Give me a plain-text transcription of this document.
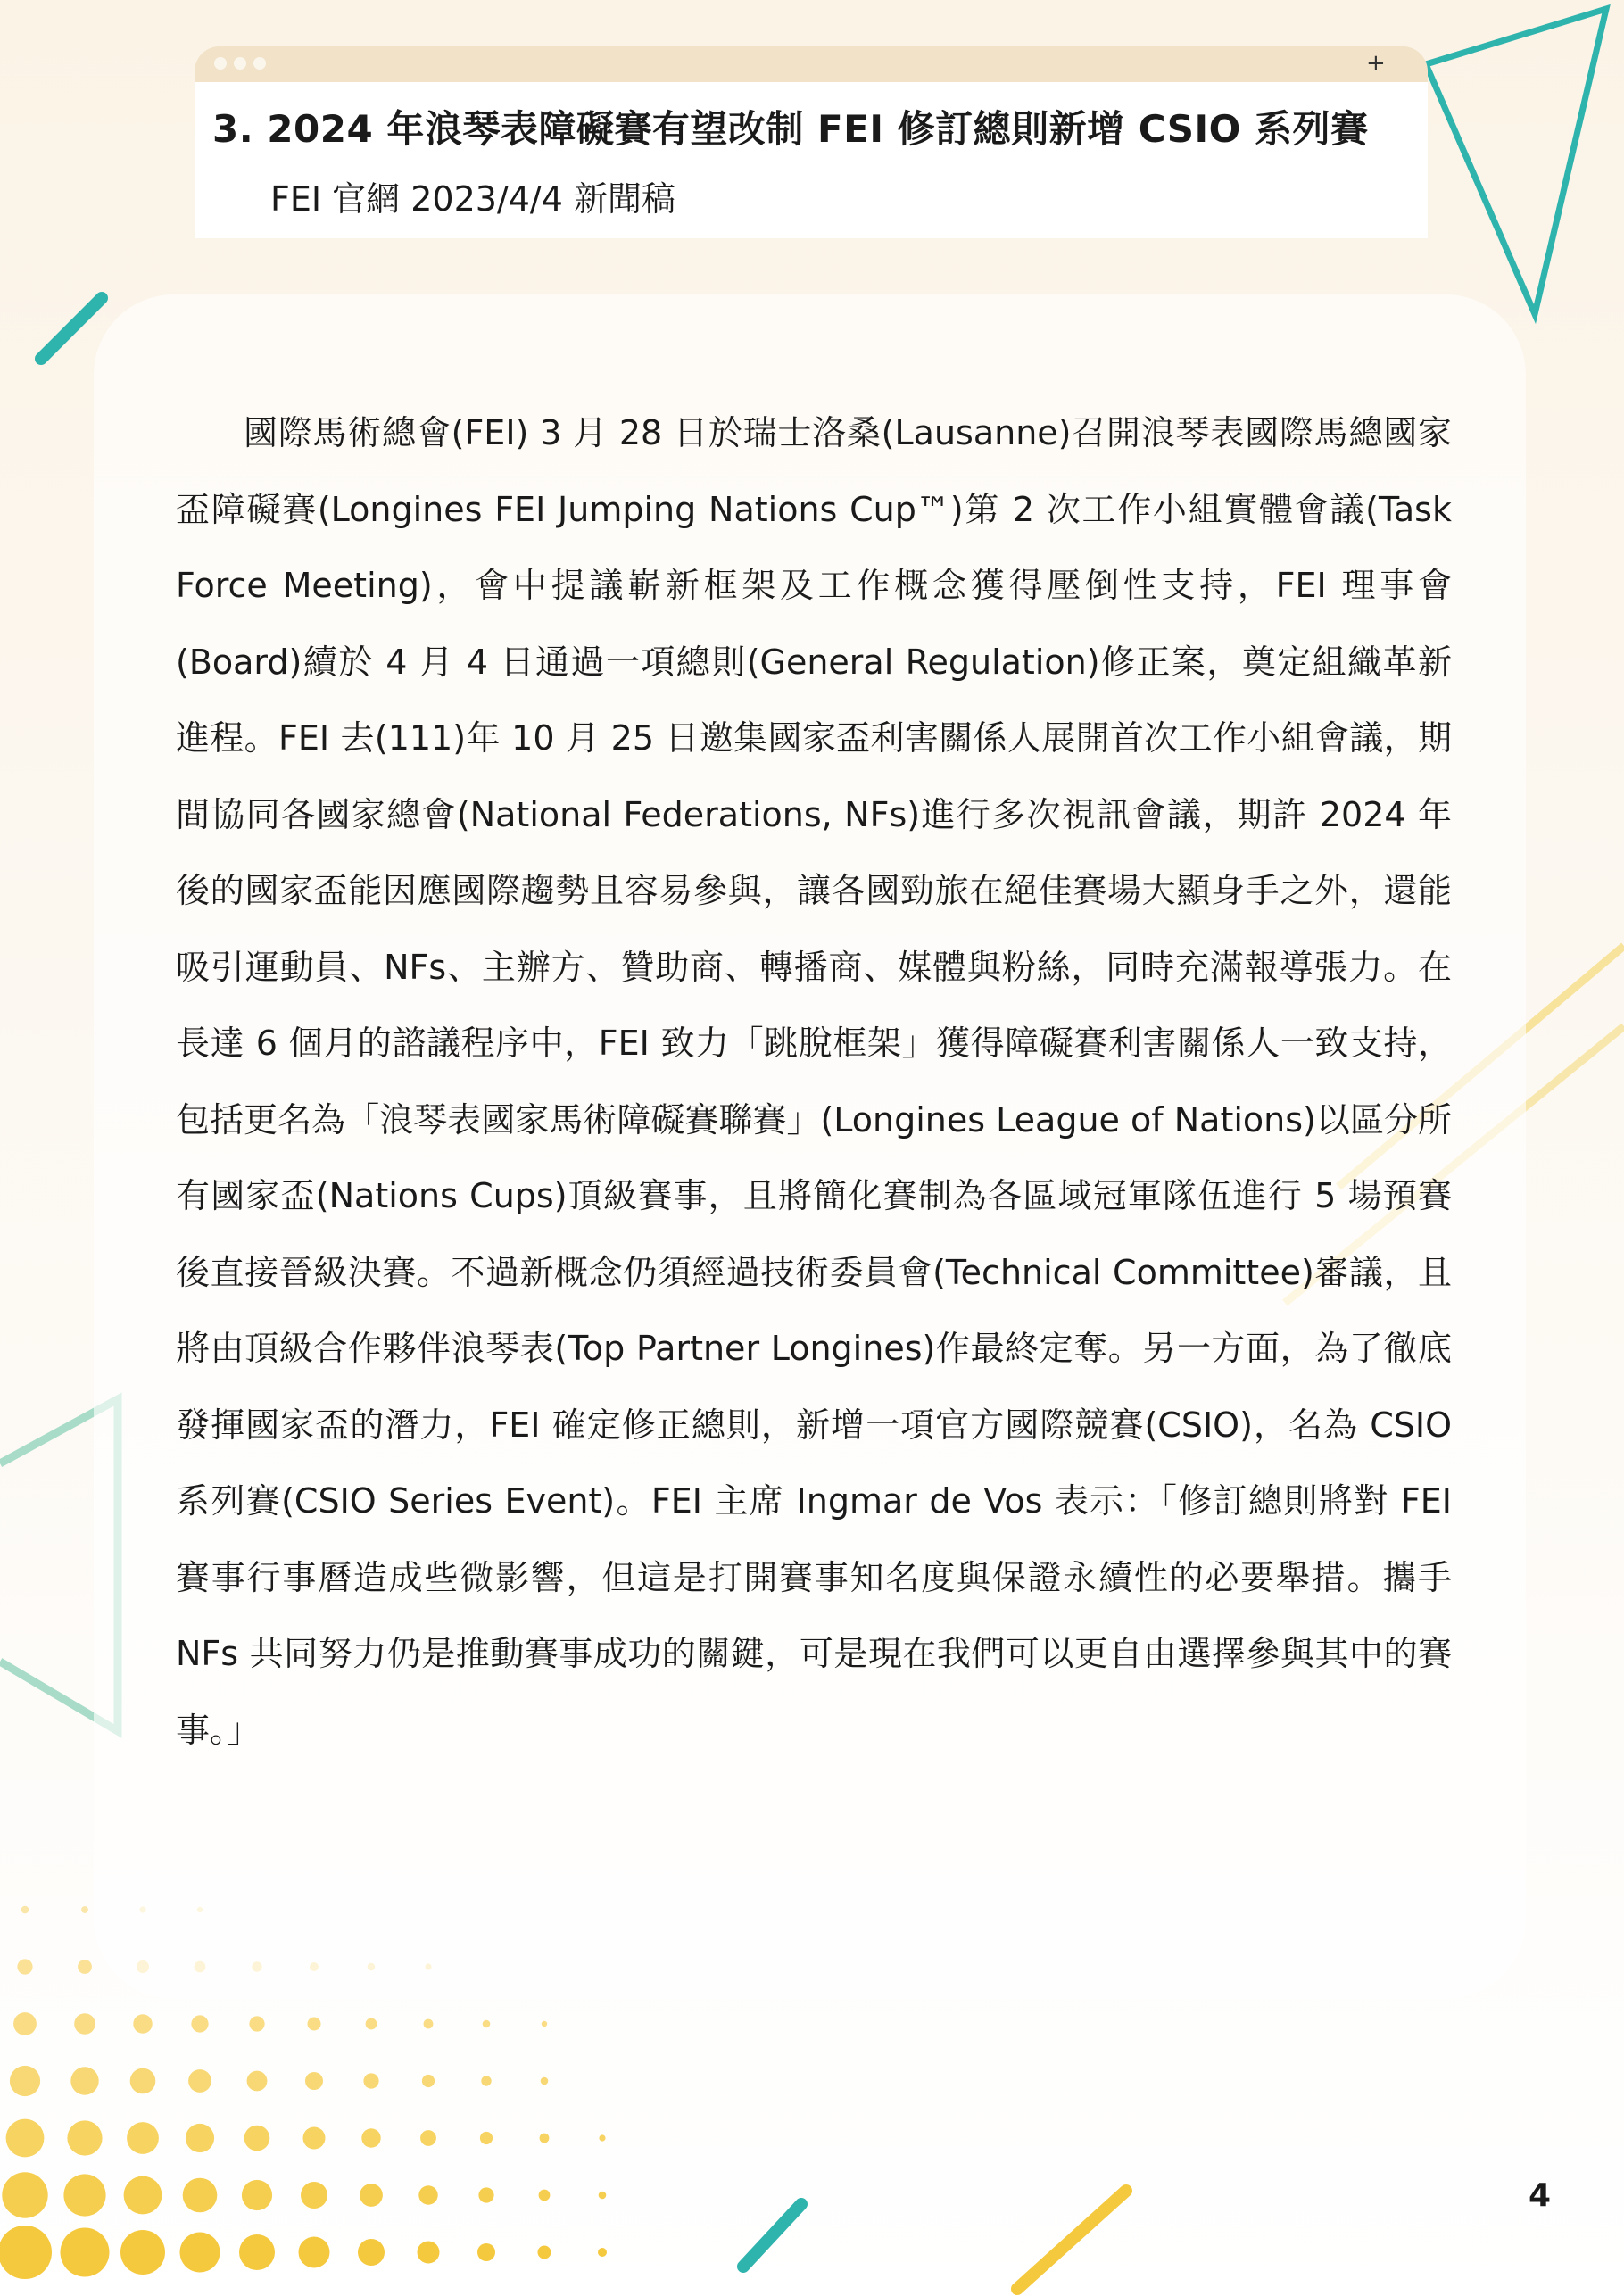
+

3. 2024 年浪琴表障礙賽有望改制 FEI 修訂總則新增 CSIO 系列賽

FEI 官網 2023/4/4 新聞稿

國際馬術總會(FEI) 3 月 28 日於瑞士洛桑(Lausanne)召開浪琴表國際馬總國家盃障礙賽(Longines FEI Jumping Nations Cup™)第 2 次工作小組實體會議(Task Force Meeting)，會中提議嶄新框架及工作概念獲得壓倒性支持，FEI 理事會(Board)續於 4 月 4 日通過一項總則(General Regulation)修正案，奠定組織革新進程。FEI 去(111)年 10 月 25 日邀集國家盃利害關係人展開首次工作小組會議，期間協同各國家總會(National Federations, NFs)進行多次視訊會議，期許 2024 年後的國家盃能因應國際趨勢且容易參與，讓各國勁旅在絕佳賽場大顯身手之外，還能吸引運動員、NFs、主辦方、贊助商、轉播商、媒體與粉絲，同時充滿報導張力。在長達 6 個月的諮議程序中，FEI 致力「跳脫框架」獲得障礙賽利害關係人一致支持，包括更名為「浪琴表國家馬術障礙賽聯賽」(Longines League of Nations)以區分所有國家盃(Nations Cups)頂級賽事，且將簡化賽制為各區域冠軍隊伍進行 5 場預賽後直接晉級決賽。不過新概念仍須經過技術委員會(Technical Committee)審議，且將由頂級合作夥伴浪琴表(Top Partner Longines)作最終定奪。另一方面，為了徹底發揮國家盃的潛力，FEI 確定修正總則，新增一項官方國際競賽(CSIO)，名為 CSIO 系列賽(CSIO Series Event)。FEI 主席 Ingmar de Vos 表示：「修訂總則將對 FEI 賽事行事曆造成些微影響，但這是打開賽事知名度與保證永續性的必要舉措。攜手 NFs 共同努力仍是推動賽事成功的關鍵，可是現在我們可以更自由選擇參與其中的賽事。」

4
